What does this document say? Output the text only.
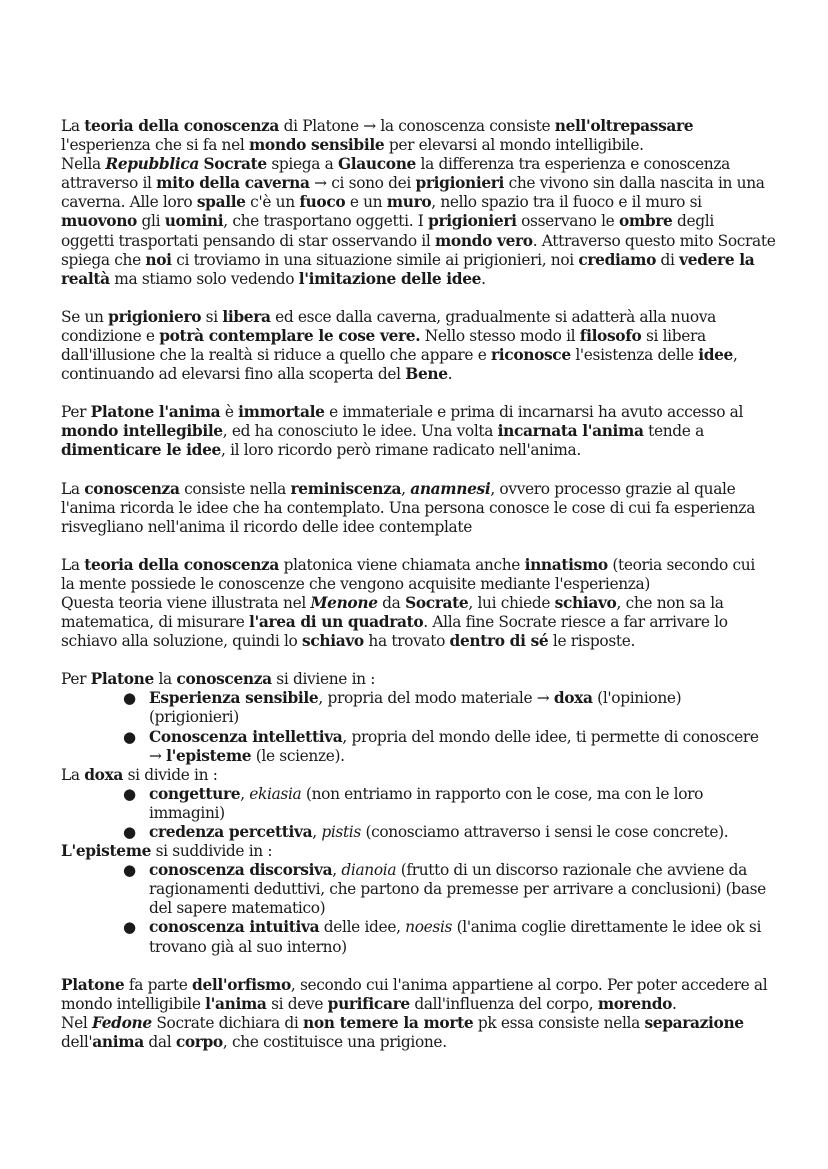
La teoria della conoscenza di Platone → la conoscenza consiste nell'oltrepassare
l'esperienza che si fa nel mondo sensibile per elevarsi al mondo intelligibile.
Nella Repubblica Socrate spiega a Glaucone la differenza tra esperienza e conoscenza
attraverso il mito della caverna → ci sono dei prigionieri che vivono sin dalla nascita in una
caverna. Alle loro spalle c'è un fuoco e un muro, nello spazio tra il fuoco e il muro si
muovono gli uomini, che trasportano oggetti. I prigionieri osservano le ombre degli
oggetti trasportati pensando di star osservando il mondo vero. Attraverso questo mito Socrate
spiega che noi ci troviamo in una situazione simile ai prigionieri, noi crediamo di vedere la
realtà ma stiamo solo vedendo l'imitazione delle idee.
Se un prigioniero si libera ed esce dalla caverna, gradualmente si adatterà alla nuova
condizione e potrà contemplare le cose vere. Nello stesso modo il filosofo si libera
dall'illusione che la realtà si riduce a quello che appare e riconosce l'esistenza delle idee,
continuando ad elevarsi fino alla scoperta del Bene.
Per Platone l'anima è immortale e immateriale e prima di incarnarsi ha avuto accesso al
mondo intellegibile, ed ha conosciuto le idee. Una volta incarnata l'anima tende a
dimenticare le idee, il loro ricordo però rimane radicato nell'anima.
La conoscenza consiste nella reminiscenza, anamnesi, ovvero processo grazie al quale
l'anima ricorda le idee che ha contemplato. Una persona conosce le cose di cui fa esperienza
risvegliano nell'anima il ricordo delle idee contemplate
La teoria della conoscenza platonica viene chiamata anche innatismo (teoria secondo cui
la mente possiede le conoscenze che vengono acquisite mediante l'esperienza)
Questa teoria viene illustrata nel Menone da Socrate, lui chiede schiavo, che non sa la
matematica, di misurare l'area di un quadrato. Alla fine Socrate riesce a far arrivare lo
schiavo alla soluzione, quindi lo schiavo ha trovato dentro di sé le risposte.
Per Platone la conoscenza si diviene in :
● Esperienza sensibile, propria del modo materiale → doxa (l'opinione)
(prigionieri)
● Conoscenza intellettiva, propria del mondo delle idee, ti permette di conoscere
→ l'episteme (le scienze).
La doxa si divide in :
● congetture, ekiasia (non entriamo in rapporto con le cose, ma con le loro
immagini)
● credenza percettiva, pistis (conosciamo attraverso i sensi le cose concrete).
L'episteme si suddivide in :
● conoscenza discorsiva, dianoia (frutto di un discorso razionale che avviene da
ragionamenti deduttivi, che partono da premesse per arrivare a conclusioni) (base
del sapere matematico)
● conoscenza intuitiva delle idee, noesis (l'anima coglie direttamente le idee ok si
trovano già al suo interno)
Platone fa parte dell'orfismo, secondo cui l'anima appartiene al corpo. Per poter accedere al
mondo intelligibile l'anima si deve purificare dall'influenza del corpo, morendo.
Nel Fedone Socrate dichiara di non temere la morte pk essa consiste nella separazione
dell'anima dal corpo, che costituisce una prigione.
